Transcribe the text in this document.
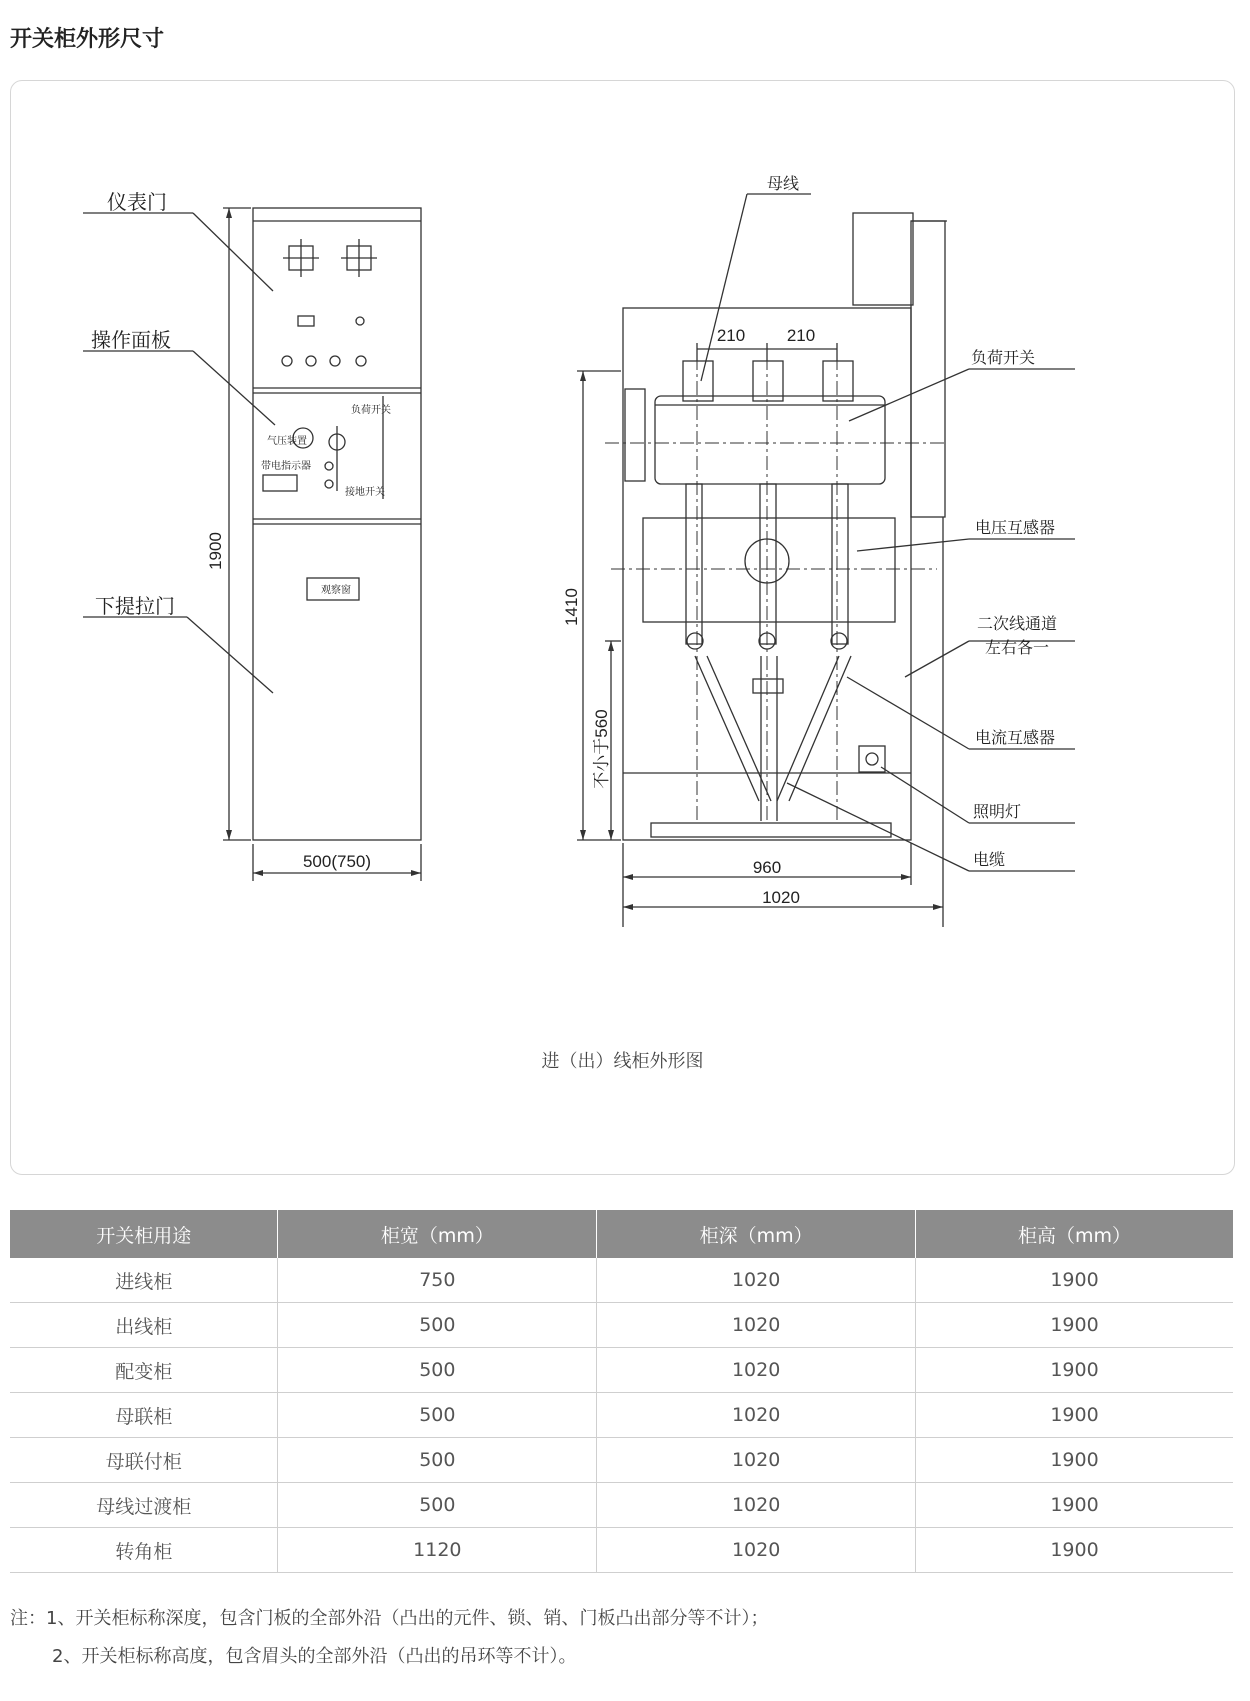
开关柜外形尺寸
仪表门
操作面板
下提拉门
气压装置
带电指示器
负荷开关
接地开关
观察窗
1900
500(750)
1410
不小于560
210 210
960
1020
母线
负荷开关
电压互感器
二次线通道
左右各一
电流互感器
照明灯
电缆
进（出）线柜外形图
开关柜用途	柜宽（mm）	柜深（mm）	柜高（mm）
进线柜	750	1020	1900
出线柜	500	1020	1900
配变柜	500	1020	1900
母联柜	500	1020	1900
母联付柜	500	1020	1900
母线过渡柜	500	1020	1900
转角柜	1120	1020	1900
注：1、开关柜标称深度，包含门板的全部外沿（凸出的元件、锁、销、门板凸出部分等不计）；
2、开关柜标称高度，包含眉头的全部外沿（凸出的吊环等不计）。
